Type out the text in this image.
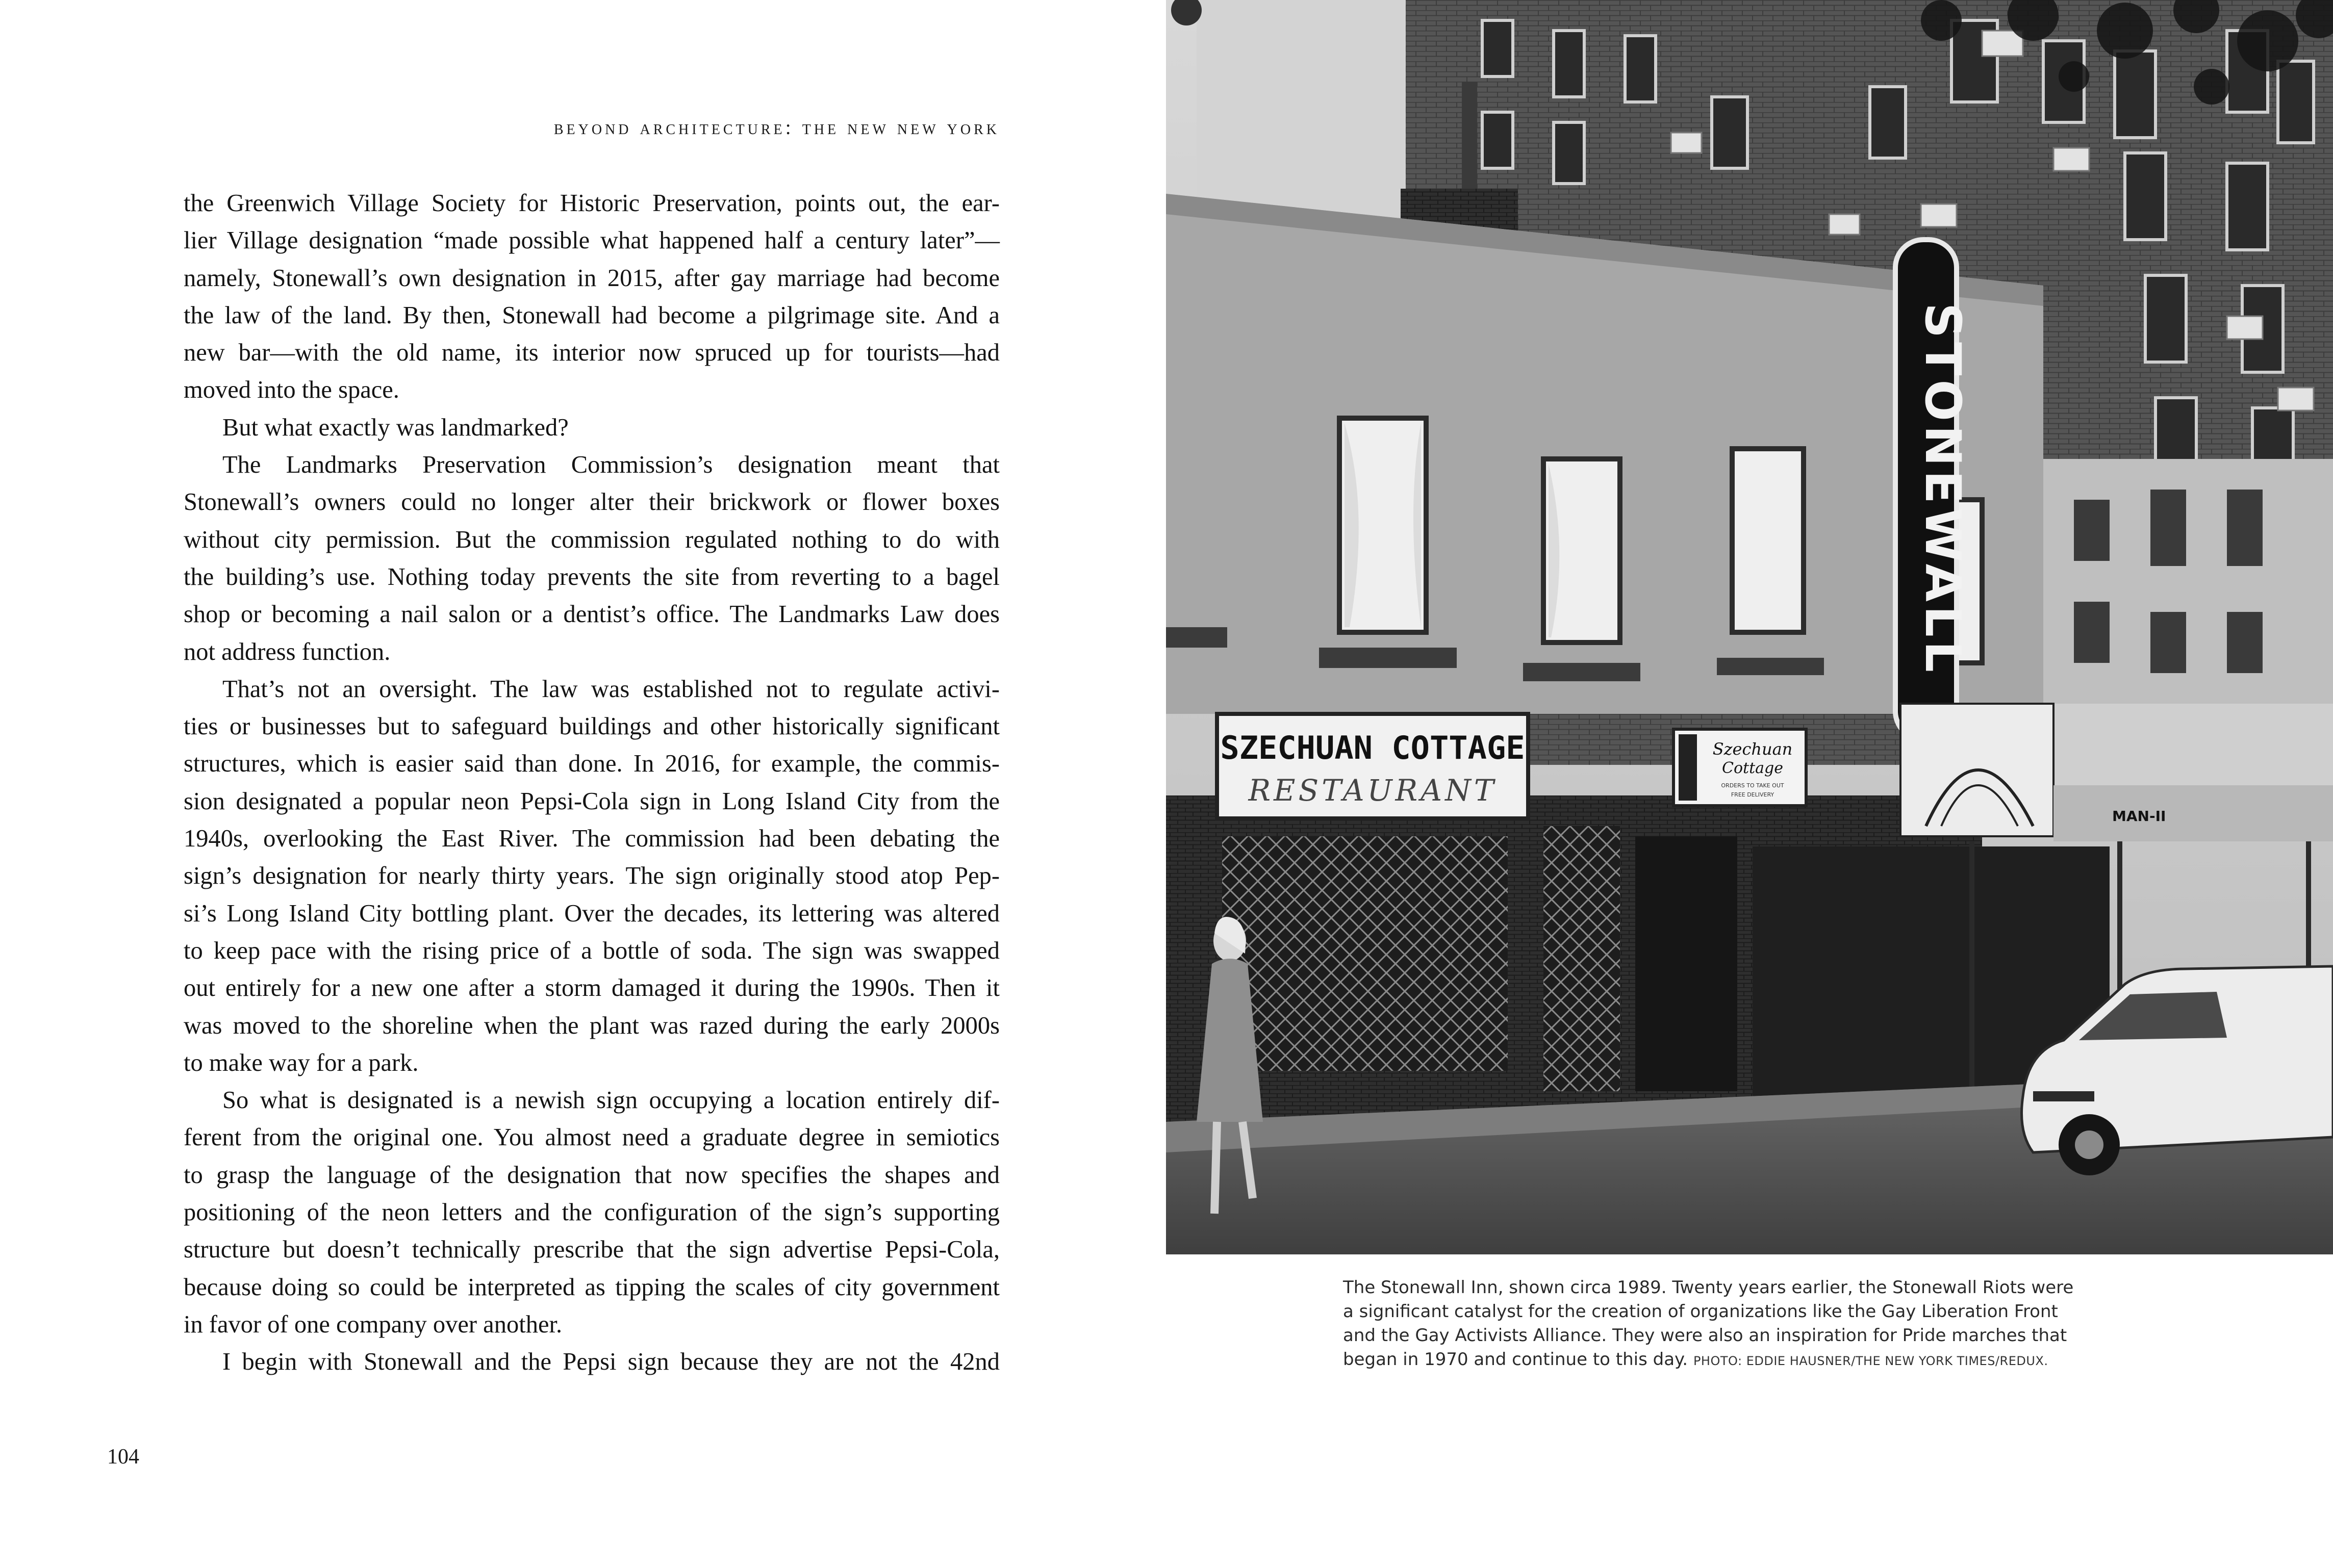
beyond architecture: the new new york

the Greenwich Village Society for Historic Preservation, points out, the ear-

lier Village designation “made possible what happened half a century later”—

namely, Stonewall’s own designation in 2015, after gay marriage had become

the law of the land. By then, Stonewall had become a pilgrimage site. And a

new bar—with the old name, its interior now spruced up for tourists—had

moved into the space.

But what exactly was landmarked?

The Landmarks Preservation Commission’s designation meant that

Stonewall’s owners could no longer alter their brickwork or flower boxes

without city permission. But the commission regulated nothing to do with

the building’s use. Nothing today prevents the site from reverting to a bagel

shop or becoming a nail salon or a dentist’s office. The Landmarks Law does

not address function.

That’s not an oversight. The law was established not to regulate activi-

ties or businesses but to safeguard buildings and other historically significant

structures, which is easier said than done. In 2016, for example, the commis-

sion designated a popular neon Pepsi-Cola sign in Long Island City from the

1940s, overlooking the East River. The commission had been debating the

sign’s designation for nearly thirty years. The sign originally stood atop Pep-

si’s Long Island City bottling plant. Over the decades, its lettering was altered

to keep pace with the rising price of a bottle of soda. The sign was swapped

out entirely for a new one after a storm damaged it during the 1990s. Then it

was moved to the shoreline when the plant was razed during the early 2000s

to make way for a park.

So what is designated is a newish sign occupying a location entirely dif-

ferent from the original one. You almost need a graduate degree in semiotics

to grasp the language of the designation that now specifies the shapes and

positioning of the neon letters and the configuration of the sign’s supporting

structure but doesn’t technically prescribe that the sign advertise Pepsi-Cola,

because doing so could be interpreted as tipping the scales of city government

in favor of one company over another.

I begin with Stonewall and the Pepsi sign because they are not the 42nd

104
STONEWALL
SZECHUAN COTTAGE
RESTAURANT
Szechuan
Cottage
ORDERS TO TAKE OUT
FREE DELIVERY
MAN-II
The Stonewall Inn, shown circa 1989. Twenty years earlier, the Stonewall Riots were
a significant catalyst for the creation of organizations like the Gay Liberation Front
and the Gay Activists Alliance. They were also an inspiration for Pride marches that
began in 1970 and continue to this day. PHOTO: EDDIE HAUSNER/THE NEW YORK TIMES/REDUX.
